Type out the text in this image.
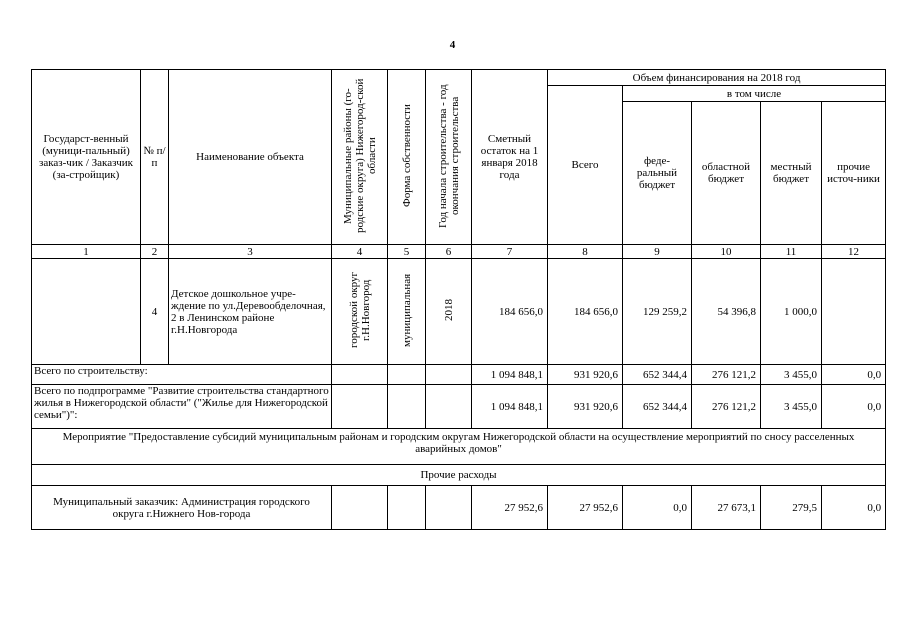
4
Государст-венный (муници-пальный) заказ-чик / Заказчик (за-стройщик)	№ п/п	Наименование объекта	Муниципальные районы (го-родские округа) Нижегород-ской области	Форма собственности	Год начала строительства - год окончания строительства	Сметный остаток на 1 января 2018 года	Объем финансирования на 2018 год				
							Всего	в том числе			
								феде-ральный бюджет	областной бюджет	местный бюджет	прочие источ-ники
1	2	3	4	5	6	7	8	9	10	11	12
	4	Детское дошкольное учре-ждение по ул.Деревообделочная, 2 в Ленинском районе г.Н.Новгорода	городской округ г.Н.Новгород	муниципальная	2018	184 656,0	184 656,0	129 259,2	54 396,8	1 000,0	
Всего по строительству:						1 094 848,1	931 920,6	652 344,4	276 121,2	3 455,0	0,0
Всего по подпрограмме "Развитие строительства стандартного жилья в Нижегородской области" ("Жилье для Нижегородской семьи")":						1 094 848,1	931 920,6	652 344,4	276 121,2	3 455,0	0,0
Мероприятие "Предоставление субсидий муниципальным районам и городским округам Нижегородской области на осуществление мероприятий по сносу расселенных аварийных домов"											
Прочие расходы											
Муниципальный заказчик: Администрация городского округа г.Нижнего Нов-города						27 952,6	27 952,6	0,0	27 673,1	279,5	0,0
